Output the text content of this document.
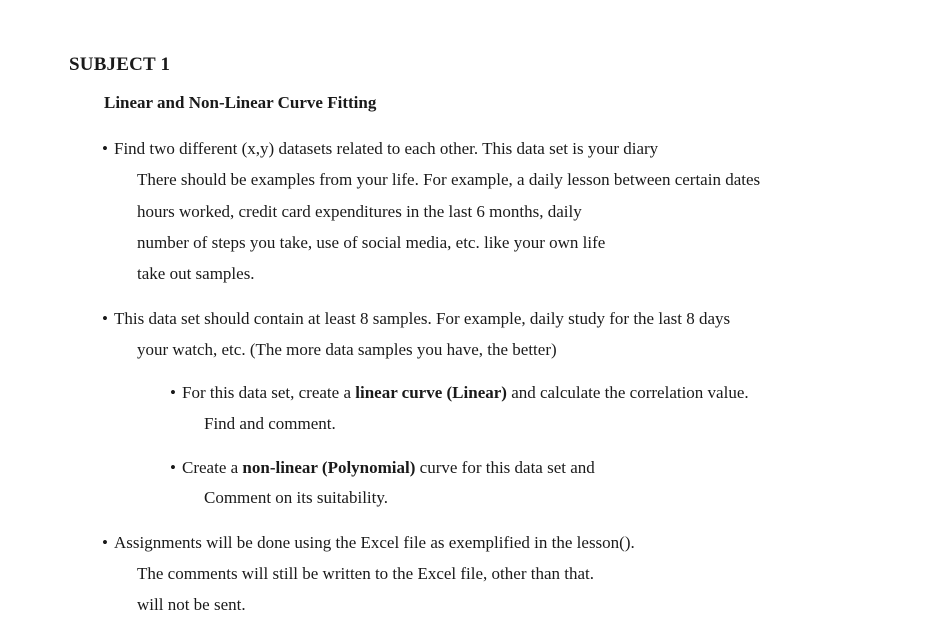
SUBJECT 1
Linear and Non-Linear Curve Fitting

• Find two different (x,y) datasets related to each other. This data set is your diary

There should be examples from your life. For example, a daily lesson between certain dates

hours worked, credit card expenditures in the last 6 months, daily

number of steps you take, use of social media, etc. like your own life

take out samples.

• This data set should contain at least 8 samples. For example, daily study for the last 8 days

your watch, etc. (The more data samples you have, the better)

• For this data set, create a linear curve (Linear) and calculate the correlation value.

Find and comment.

• Create a non-linear (Polynomial) curve for this data set and

Comment on its suitability.

• Assignments will be done using the Excel file as exemplified in the lesson().

The comments will still be written to the Excel file, other than that.

will not be sent.
